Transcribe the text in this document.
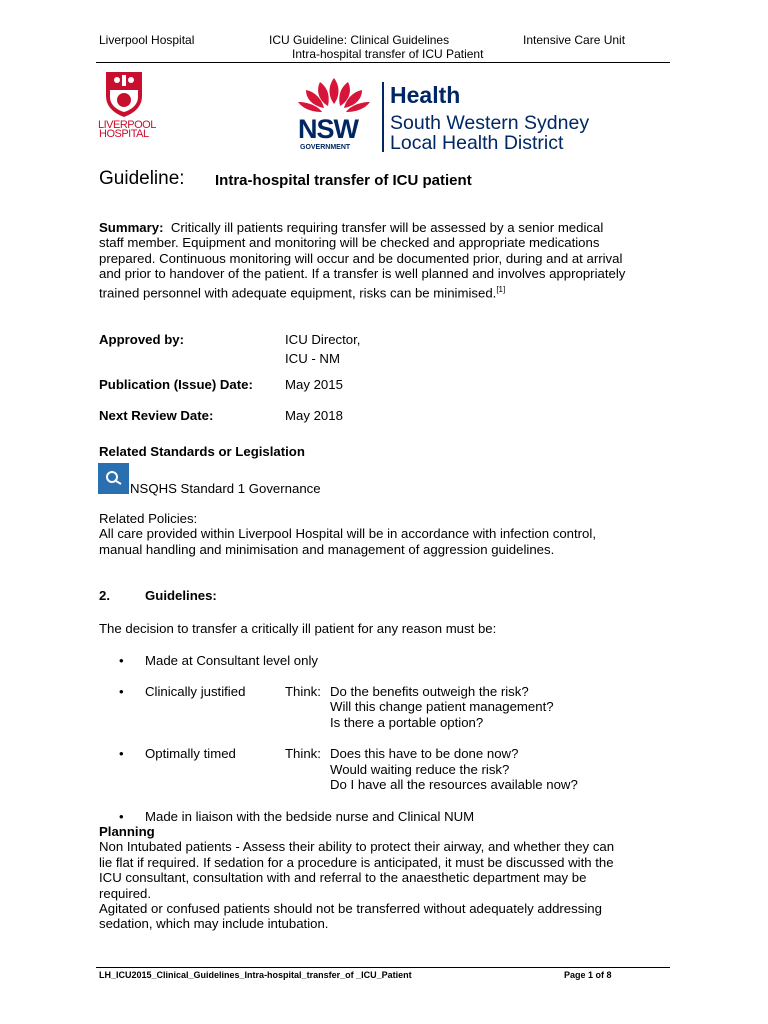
Liverpool Hospital	ICU Guideline: Clinical Guidelines	Intensive Care Unit
Intra-hospital transfer of ICU Patient
LIVERPOOL
HOSPITAL	NSW
GOVERNMENT
Health
South Western Sydney
Local Health District
Guideline: Intra-hospital transfer of ICU patient
Summary: Critically ill patients requiring transfer will be assessed by a senior medical
staff member. Equipment and monitoring will be checked and appropriate medications
prepared. Continuous monitoring will occur and be documented prior, during and at arrival
and prior to handover of the patient. If a transfer is well planned and involves appropriately
trained personnel with adequate equipment, risks can be minimised.[1]
Approved by:	ICU Director,
ICU - NM
Publication (Issue) Date: May 2015
Next Review Date:	May 2018
Related Standards or Legislation
NSQHS Standard 1 Governance
Related Policies:
All care provided within Liverpool Hospital will be in accordance with infection control,
manual handling and minimisation and management of aggression guidelines.
2.	Guidelines:
The decision to transfer a critically ill patient for any reason must be:
• Made at Consultant level only
• Clinically justified	Think: Do the benefits outweigh the risk?
Will this change patient management?
Is there a portable option?
• Optimally timed	Think: Does this have to be done now?
Would waiting reduce the risk?
Do I have all the resources available now?
• Made in liaison with the bedside nurse and Clinical NUM
Planning
Non Intubated patients - Assess their ability to protect their airway, and whether they can
lie flat if required. If sedation for a procedure is anticipated, it must be discussed with the
ICU consultant, consultation with and referral to the anaesthetic department may be
required.
Agitated or confused patients should not be transferred without adequately addressing
sedation, which may include intubation.
LH_ICU2015_Clinical_Guidelines_Intra-hospital_transfer_of _ICU_Patient	Page 1 of 8
